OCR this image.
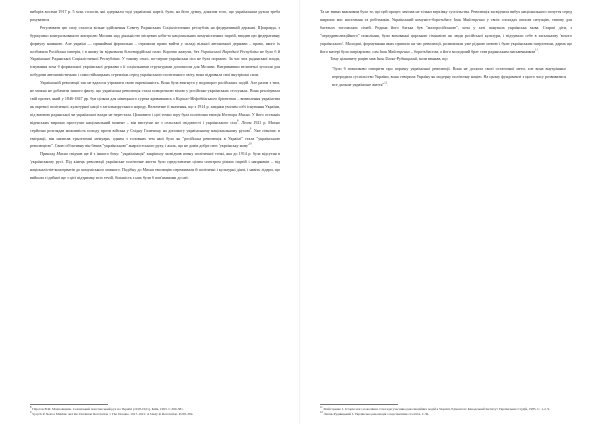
виборів восени 1917 р. 5 млн. голосів, які одержали тоді українські партії, були, на його думку, доказом того, що українським рухом треба рахуватися

Регулювати цю силу сталося вільне здійснення Совету Радянських Соціалістичних республік на федеративній державі. Щоправда, з буржуазно контрольованого контролю Москви над діяльністю місцевих ніби-то національних комуністичних партій, вводив цю федеративну формулу наявною. Але україні — принаймні формально – отримали право вийти у складі вільної автономної держави – право, якого їх позбавила Російська імперія, і в якому їм відмовили білогвардійські сили. Коротко кажучи, без Української Народної Республіки не було б й Української Радянської Соціалістичної Республіки. У такому сенсі, по-перше українськи сил не була поразою. За час чих радянської влади, існування хоча б формальної української держави з її соціальними структурами допомогли для Москви. Витримавши величезні зусилля для побудови автономістичних і самостійницьких стремлінь серед українського політичного світу, вона підривала свої внутрішні сили.

Українській революції так не вдалося утримати свою окремішність. Вона була втягнута у водоворот російських подій. Але разом з тим, не можна не добачити іншого факту, що українська революція стала поворотною віхою у російсько-українських стосунках. Вона реалізувала свій проект, який у 1846-1847 рр. був цілком для німецького гуртка кривившись з Кирило-Мефодіївського братства – визволення українства як окремої політичної, культурної нації з загальноруського народу. Величезне її значення, що з 1914 р. завдяки умілим собі існування України, під вмовою радянської чи української влади не перестала. Цілковито і цієї точки зору була політична емоція Нестора Махна. У його останніх віденських виразно проступає національний момент – він виступає не з сельської свідомості і українського сіла$^8$. Літом 1921 р. Махно серйозно розглядав можливість походу проти війська у Східну Галичину, на допомогу українському національному рухові$^9$. Уже пізніше, в еміграції, він написав трьохтомні мемуари, одним з головних тем якої було як "російська революція в Україні" стала "українською революцією". Свою об'єктивну він бачив "українською" анархістського руху, і жаль, що не довів добре своє 'українську $мову'^{10}$.

Приклад Махна свідчив ще й з іншого боку: "українізація" закріпилу засвідчив повну політичної точкі, яка до 1914 р. була відсутня в 'українському русі. Під кінець революції українське політичне життя було представлене цілим спектром різних партій і напрямків – від націоналістів-консерватів до комуніського мовного. Подібну до Махна еволюцію переживали й політичні і культурні діячі, і навіть лідери, що вийшли з ідейної ще з цієї підтримку всіх течій, більшість з них були б пов'язаними до неї.

$^8$ Пірогов В.Ф. Махновщина. Селянський повстанський рух на Україні (1918-1921). Київ, 1993. С.360-381.
$^9$ Syrych P. Nestor Makhno and the Ukrainian Revolution // The Ukraine, 1917-1921: A Study in Revolution. P.295-304.

Та не звини важливим було те, що цей процес зачіпав не тільки верхівку суспільства. Революція засвідчила вибух національного почуття серед ширших мас населення та робітників. Український комуніст-боротьбист Іван Майстренко у своїх спогадах описав ситуацію, типову для багатьох тогочасних сімей. Родина його батька був "малоросійською", хоча у хаті панувала українська мова. Старші діти, з "передреволюційного" покоління, були вихованні царською гімназією як люди російської культури, і відчували себе в загальному 'всього українського'. Молодші, формування яких припало на час революції, розмовляли уже рідною мовою і були українським патріотами, дарма що його матері була патріархово, сам Іван Майстренко – боротьбистом, а його молодший брат став радянським письменником$^{11}$.

Тому цілковиту рацію мав Іван Лисяк-Рудницький, коли вважав, що

"було б помилково говорити про поразку української революції. Вона не досягла своєї остаточної мети, але вона внутрішньо переродила суспільство України, вона створила Україну як модерну політичну націю. На цьому фундаменті з цього часу розвиватися все дальше українське життя"$^{12}$.

$^{11}$ Майстренко І. Історія мого покоління. Спогади учасника революційних подій в Україні. Едмонтон: Канадський Інститут Українських Студій, 1985. С. 1-2, 9.
$^{12}$ Лисяк-Рудницький І. Українська революція з перспективи століття. С.39.
